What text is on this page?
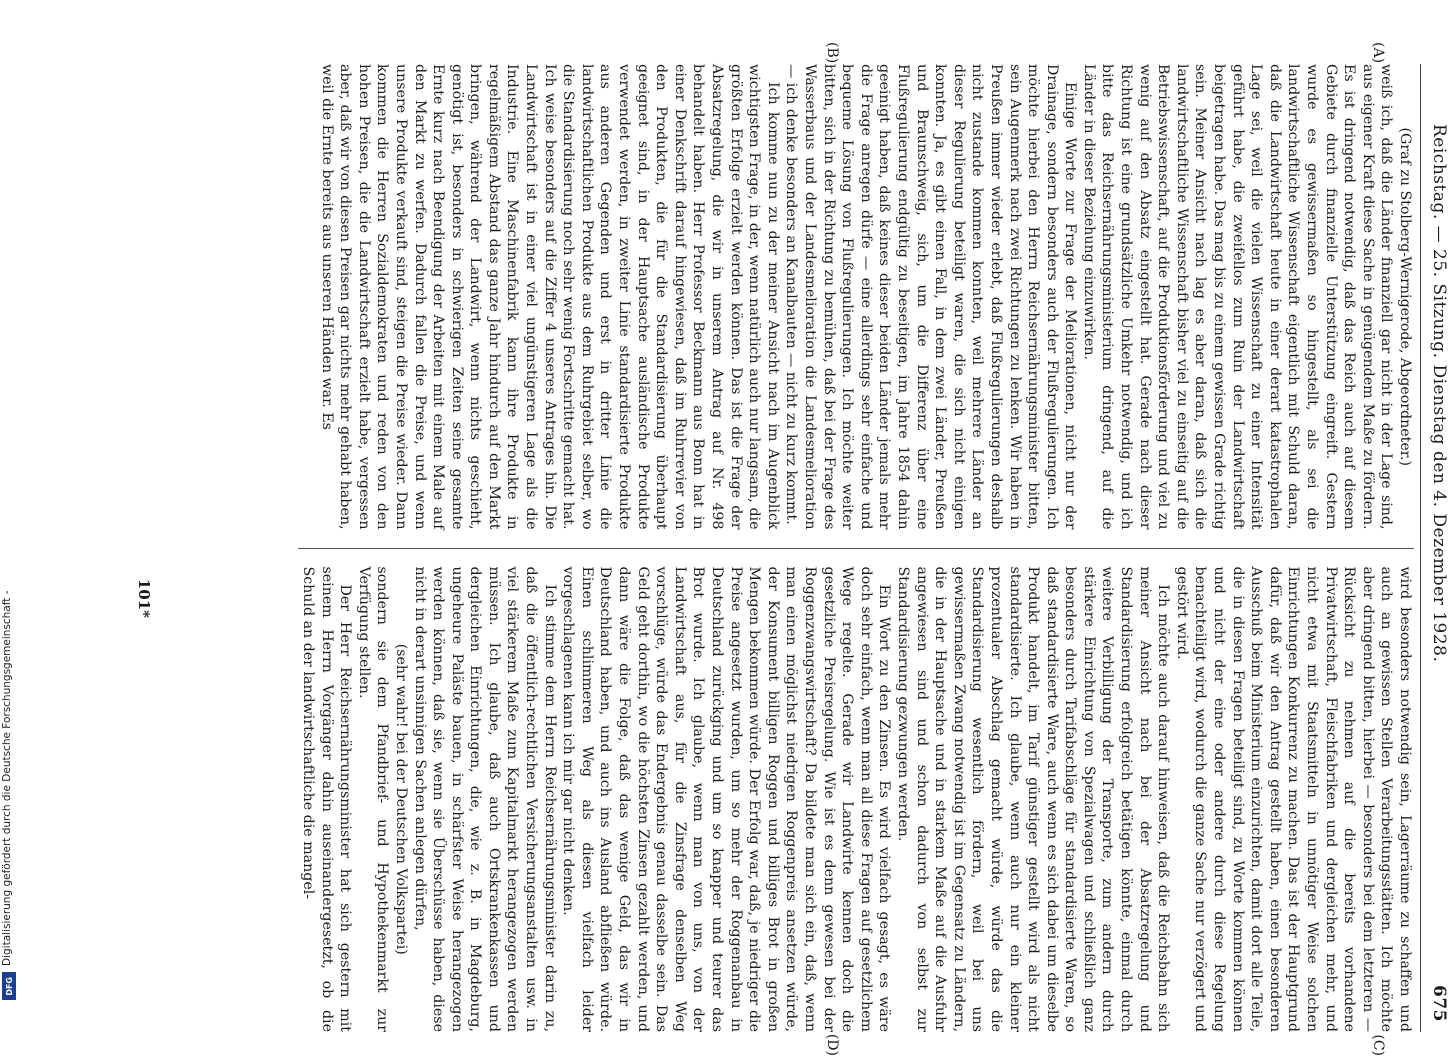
Digitalisierung gefördert durch die Deutsche Forschungsgemeinschaft -
DFG
Reichstag. — 25. Sitzung. Dienstag den 4. Dezember 1928.
675
(A)
(B)
(C)
(D)

(Graf zu Stolberg-Wernigerode, Abgeordneter.)

weiß ich, daß die Länder finanziell gar nicht in der Lage sind, aus eigener Kraft diese Sache in genügendem Maße zu fördern. Es ist dringend notwendig, daß das Reich auch auf diesem Gebiete durch finanzielle Unterstützung eingreift. Gestern wurde es gewissermaßen so hingestellt, als sei die landwirtschaftliche Wissenschaft eigentlich mit Schuld daran, daß die Landwirtschaft heute in einer derart katastrophalen Lage sei, weil die vielen Wissenschaft zu einer Intensität geführt habe, die zweifellos zum Ruin der Landwirtschaft beigetragen habe. Das mag bis zu einem gewissen Grade richtig sein. Meiner Ansicht nach lag es aber daran, daß sich die landwirtschaftliche Wissenschaft bisher viel zu einseitig auf die Betriebswissenschaft, auf die Produktionsförderung und viel zu wenig auf den Absatz eingestellt hat. Gerade nach dieser Richtung ist eine grundsätzliche Umkehr notwendig, und ich bitte das Reichsernährungsministerium dringend, auf die Länder in dieser Beziehung einzuwirken.

Einige Worte zur Frage der Meliorationen, nicht nur der Drainage, sondern besonders auch der Flußregulierungen. Ich möchte hierbei den Herrn Reichsernährungsminister bitten, sein Augenmerk nach zwei Richtungen zu lenken. Wir haben in Preußen immer wieder erlebt, daß Flußregulierungen deshalb nicht zustande kommen konnten, weil mehrere Länder an dieser Regulierung beteiligt waren, die sich nicht einigen konnten. Ja, es gibt einen Fall, in dem zwei Länder, Preußen und Braunschweig, sich, um die Differenz über eine Flußregulierung endgültig zu beseitigen, im Jahre 1854 dahin geeinigt haben, daß keines dieser beiden Länder jemals mehr die Frage anregen dürfe — eine allerdings sehr einfache und bequeme Lösung von Flußregulierungen. Ich möchte weiter bitten, sich in der Richtung zu bemühen, daß bei der Frage des Wasserbaus und der Landesmelioration die Landesmelioration — ich denke besonders an Kanalbauten — nicht zu kurz kommt.

Ich komme nun zu der meiner Ansicht nach im Augenblick wichtigsten Frage, in der, wenn natürlich auch nur langsam, die größten Erfolge erzielt werden können. Das ist die Frage der Absatzregelung, die wir in unserem Antrag auf Nr. 498 behandelt haben. Herr Professor Beckmann aus Bonn hat in einer Denkschrift darauf hingewiesen, daß im Ruhrrevier von den Produkten, die für die Standardisierung überhaupt geeignet sind, in der Hauptsache ausländische Produkte verwendet werden, in zweiter Linie standardisierte Produkte aus anderen Gegenden und erst in dritter Linie die landwirtschaftlichen Produkte aus dem Ruhrgebiet selber, wo die Standardisierung noch sehr wenig Fortschritte gemacht hat. Ich weise besonders auf die Ziffer 4 unseres Antrages hin. Die Landwirtschaft ist in einer viel ungünstigeren Lage als die Industrie. Eine Maschinenfabrik kann ihre Produkte in regelmäßigem Abstand das ganze Jahr hindurch auf den Markt bringen, während der Landwirt, wenn nichts geschieht, genötigt ist, besonders in schwierigen Zeiten seine gesamte Ernte kurz nach Beendigung der Arbeiten mit einem Male auf den Markt zu werfen. Dadurch fallen die Preise, und wenn unsere Produkte verkauft sind, steigen die Preise wieder. Dann kommen die Herren Sozialdemokraten und reden von den hohen Preisen, die die Landwirtschaft erzielt habe, vergessen aber, daß wir von diesen Preisen gar nichts mehr gehabt haben, weil die Ernte bereits aus unseren Händen war. Es

wird besonders notwendig sein, Lagerräume zu schaffen und auch an gewissen Stellen Verarbeitungsstätten. Ich möchte aber dringend bitten, hierbei — besonders bei dem letzteren — Rücksicht zu nehmen auf die bereits vorhandene Privatwirtschaft, Fleischfabriken und dergleichen mehr, und nicht etwa mit Staatsmitteln in unnötiger Weise solchen Einrichtungen Konkurrenz zu machen. Das ist der Hauptgrund dafür, daß wir den Antrag gestellt haben, einen besonderen Ausschuß beim Ministerium einzurichten, damit dort alle Teile, die in diesen Fragen beteiligt sind, zu Worte kommen können und nicht der eine oder andere durch diese Regelung benachteiligt wird, wodurch die ganze Sache nur verzögert und gestört wird.

Ich möchte auch darauf hinweisen, daß die Reichsbahn sich meiner Ansicht nach bei der Absatzregelung und Standardisierung erfolgreich betätigen könnte, einmal durch weitere Verbilligung der Transporte, zum andern durch stärkere Einrichtung von Spezialwagen und schließlich ganz besonders durch Tarifabschläge für standardisierte Waren, so daß standardisierte Ware, auch wenn es sich dabei um dieselbe Produkt handelt, im Tarif günstiger gestellt wird als nicht standardisierte. Ich glaube, wenn auch nur ein kleiner prozentualer Abschlag gemacht würde, würde das die Standardisierung wesentlich fördern, weil bei uns gewissermaßen Zwang notwendig ist im Gegensatz zu Ländern, die in der Hauptsache und in starkem Maße auf die Ausfuhr angewiesen sind und schon dadurch von selbst zur Standardisierung gezwungen werden.

Ein Wort zu den Zinsen. Es wird vielfach gesagt, es wäre doch sehr einfach, wenn man all diese Fragen auf gesetzlichem Wege regelte. Gerade wir Landwirte kennen doch die gesetzliche Preisregelung. Wie ist es denn gewesen bei der Roggenzwangswirtschaft? Da bildete man sich ein, daß, wenn man einen möglichst niedrigen Roggenpreis ansetzen würde, der Konsument billigen Roggen und billiges Brot in großen Mengen bekommen würde. Der Erfolg war, daß, je niedriger die Preise angesetzt wurden, um so mehr der Roggenanbau in Deutschland zurückging und um so knapper und teurer das Brot wurde. Ich glaube, wenn man von uns, von der Landwirtschaft aus, für die Zinsfrage denselben Weg vorschlüge, würde das Endergebnis genau dasselbe sein. Das Geld geht dorthin, wo die höchsten Zinsen gezahlt werden, und dann wäre die Folge, daß das wenige Geld, das wir in Deutschland haben, und auch ins Ausland abfließen würde. Einen schlimmeren Weg als diesen vielfach leider vorgeschlagenen kann ich mir gar nicht denken.

Ich stimme dem Herrn Reichsernährungsminister darin zu, daß die öffentlich-rechtlichen Versicherungsanstalten usw. in viel stärkerem Maße zum Kapitalmarkt herangezogen werden müssen. Ich glaube, daß auch Ortskrankenkassen und dergleichen Einrichtungen, die, wie z. B. in Magdeburg, ungeheure Paläste bauen, in schärfster Weise herangezogen werden können, daß sie, wenn sie Überschüsse haben, diese nicht in derart unsinnigen Sachen anlegen dürfen,

(sehr wahr! bei der Deutschen Volkspartei)

sondern sie dem Pfandbrief- und Hypothekenmarkt zur Verfügung stellen.

Der Herr Reichsernährungsminister hat sich gestern mit seinem Herrn Vorgänger dahin auseinandergesetzt, ob die Schuld an der landwirtschaftliche die mangel-

101*
